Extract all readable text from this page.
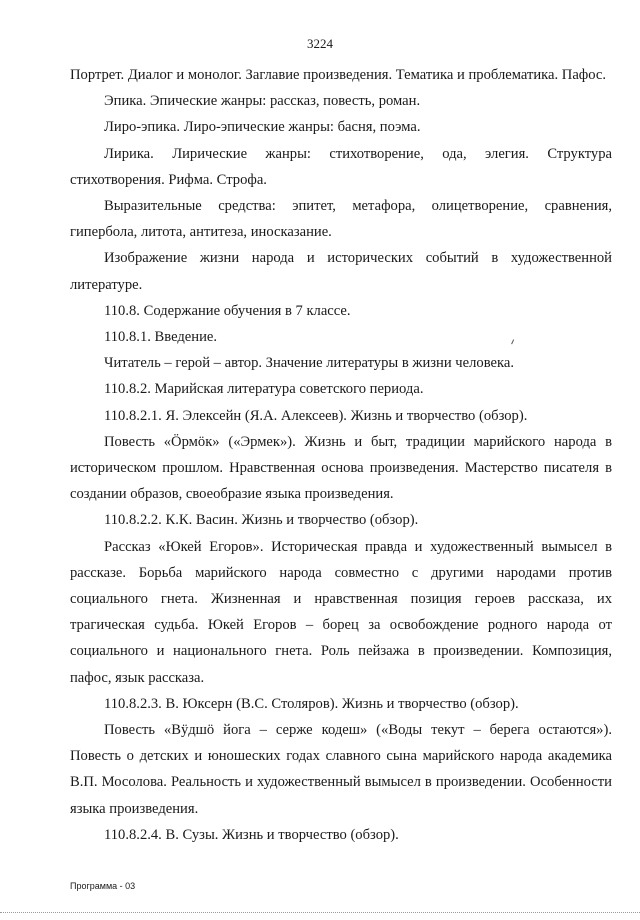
3224

Портрет. Диалог и монолог. Заглавие произведения. Тематика и проблематика. Пафос.

Эпика. Эпические жанры: рассказ, повесть, роман.

Лиро-эпика. Лиро-эпические жанры: басня, поэма.

Лирика. Лирические жанры: стихотворение, ода, элегия. Структура стихотворения. Рифма. Строфа.

Выразительные средства: эпитет, метафора, олицетворение, сравнения, гипербола, литота, антитеза, иносказание.

Изображение жизни народа и исторических событий в художественной литературе.

110.8. Содержание обучения в 7 классе.

110.8.1. Введение.

Читатель – герой – автор. Значение литературы в жизни человека.

110.8.2. Марийская литература советского периода.

110.8.2.1. Я. Элексейн (Я.А. Алексеев). Жизнь и творчество (обзор).

Повесть «Ӧрмӧк» («Эрмек»). Жизнь и быт, традиции марийского народа в историческом прошлом. Нравственная основа произведения. Мастерство писателя в создании образов, своеобразие языка произведения.

110.8.2.2. К.К. Васин. Жизнь и творчество (обзор).

Рассказ «Юкей Егоров». Историческая правда и художественный вымысел в рассказе. Борьба марийского народа совместно с другими народами против социального гнета. Жизненная и нравственная позиция героев рассказа, их трагическая судьба. Юкей Егоров – борец за освобождение родного народа от социального и национального гнета. Роль пейзажа в произведении. Композиция, пафос, язык рассказа.

110.8.2.3. В. Юксерн (В.С. Столяров). Жизнь и творчество (обзор).

Повесть «Вӱдшӧ йога – серже кодеш» («Воды текут – берега остаются»). Повесть о детских и юношеских годах славного сына марийского народа академика В.П. Мосолова. Реальность и художественный вымысел в произведении. Особенности языка произведения.

110.8.2.4. В. Сузы. Жизнь и творчество (обзор).

Программа - 03
